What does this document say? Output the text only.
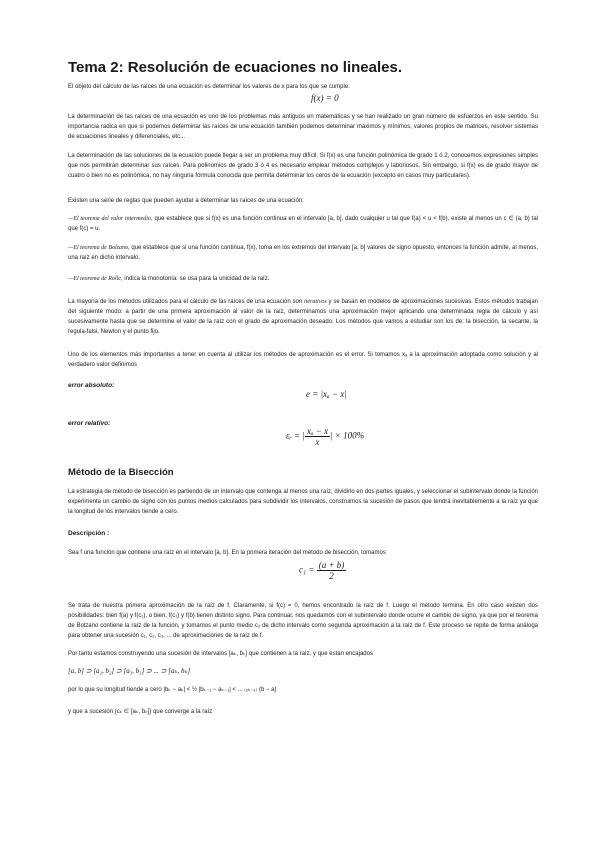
Tema 2: Resolución de ecuaciones no lineales.

El objeto del cálculo de las raíces de una ecuación es determinar los valores de x para los que se cumple:

f(x) = 0

La determinación de las raíces de una ecuación es uno de los problemas más antiguos en matemáticas y se han realizado un gran número de esfuerzos en este sentido. Su importancia radica en que si podemos determinar las raíces de una ecuación también podemos determinar máximos y mínimos, valores propios de matrices, resolver sistemas de ecuaciones lineales y diferenciales, etc...

La determinación de las soluciones de la ecuación puede llegar a ser un problema muy difícil. Si f(x) es una función polinómica de grado 1 ó 2, conocemos expresiones simples que nos permitirán determinar sus raíces. Para polinomios de grado 3 ó 4 es necesario emplear métodos complejos y laboriosos. Sin embargo, si f(x) es de grado mayor de cuatro o bien no es polinómica, no hay ninguna fórmula conocida que permita determinar los ceros de la ecuación (excepto en casos muy particulares).

Existen una serie de reglas que pueden ayudar a determinar las raíces de una ecuación:

—El teorema del valor intermedio, que establece que si f(x) es una función continua en el intervalo [a, b], dado cualquier u tal que f(a) < u < f(b), existe al menos un c ∈ (a, b) tal que f(c) = u.

—El teorema de Bolzano, que establece que si una función continua, f(x), toma en los extremos del intervalo [a, b] valores de signo opuesto, entonces la función admite, al menos, una raíz en dicho intervalo.

—El teorema de Rolle, indica la monotonía: se usa para la unicidad de la raíz.

La mayoría de los métodos utilizados para el cálculo de las raíces de una ecuación son iterativos y se basan en modelos de aproximaciones sucesivas. Estos métodos trabajan del siguiente modo: a partir de una primera aproximación al valor de la raíz, determinamos una aproximación mejor aplicando una determinada regla de cálculo y así sucesivamente hasta que se determine el valor de la raíz con el grado de aproximación deseado. Los métodos que vamos a estudiar son los de: la bisección, la secante, la regula-falsi, Newton y el punto fijo.

Uno de los elementos más importantes a tener en cuenta al utilizar los métodos de aproximación es el error. Si tomamos xₐ a la aproximación adoptada como solución y al verdadero valor definimos

error absoluto:
e = |xₐ − x|
error relativo:
εᵣ = | $\frac{\text{xₐ − x}}{x}$ | × 100%
Método de la Bisección

La estrategia de método de bisección es partiendo de un intervalo que contenga al menos una raíz, dividirlo en dos partes iguales, y seleccionar el subintervalo donde la función experimenta un cambio de signo con los puntos medios calculados para subdividir los intervalos, construimos la sucesión de pasos que tendrá inevitablemente a la raíz ya que la longitud de los intervalos tiende a cero.

Descripción :

Sea f una función que contiene una raíz en el intervalo [a, b]. En la primera iteración del método de bisección, tomamos

$c_1 = \frac{(a + b)}{2}$

Se trata de nuestra primera aproximación de la raíz de f. Claramente, si f(c) = 0, hemos encontrado la raíz de f. Luego el método termina. En otro caso existen dos posibilidades: bien f(a) y f(c₁), o bien, f(c₁) y f(b) tienen distinto signo. Para continuar, nos quedamos con el subintervalo donde ocurre el cambio de signo, ya que por el teorema de Bolzano contiene la raíz de la función, y tomamos el punto medio c₂ de dicho intervalo como segunda aproximación a la raíz de f. Este proceso se repite de forma análoga para obtener una sucesión c₁, c₂, c₃, ... de aproximaciones de la raíz de f.

Por tanto estamos construyendo una sucesión de intervalos [aₖ, bₖ] que contienen a la raíz, y que están encajados

[a, b] ⊃ [a₂, b₂] ⊃ [a₃, b₃] ⊃ ... ⊃ [aₖ, bₖ]

por lo que su longitud tiende a cero |bₖ − aₖ| < ½ |bₖ₋₁ − aₖ₋₁| < ... ₍₂ₖ₋₁₎ (b − a)

y que a sucesión {cₖ ∈ [aₖ, bₖ]} que converge a la raíz
